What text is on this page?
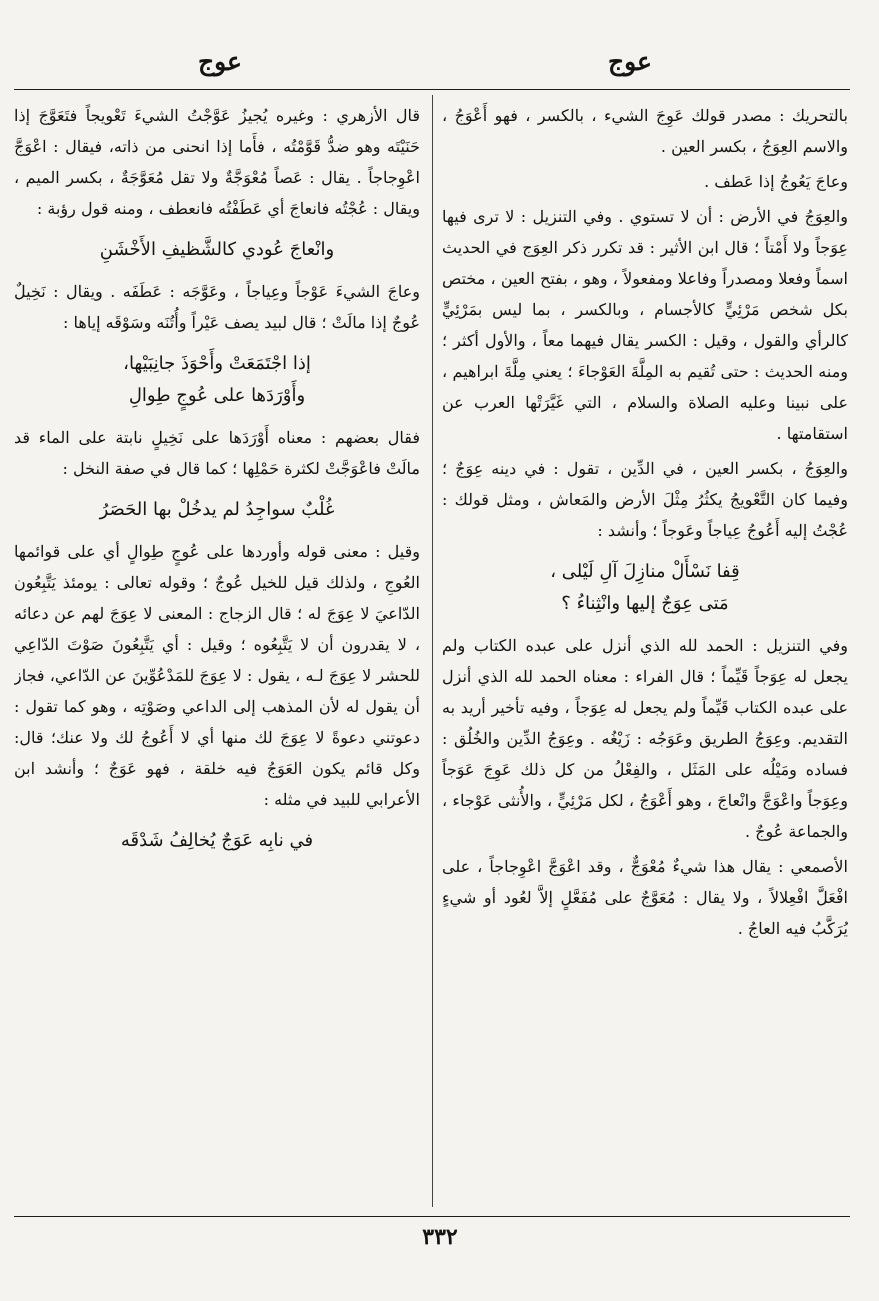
عوج
عوج

بالتحريك : مصدر قولك عَوِجَ الشيء ، بالكسر ، فهو أَعْوَجُ ، والاسم العِوَجُ ، بكسر العين .

وعاجَ يَعُوجُ إذا عَطف .

والعِوَجُ في الأرض : أن لا تستوي . وفي التنزيل : لا ترى فيها عِوَجاً ولا أَمْتاً ؛ قال ابن الأثير : قد تكرر ذكر العِوَج في الحديث اسماً وفعلا ومصدراً وفاعلا ومفعولاً ، وهو ، بفتح العين ، مختص بكل شخص مَرْئِيٍّ كالأجسام ، وبالكسر ، بما ليس بمَرْئِيٍّ كالرأي والقول ، وقيل : الكسر يقال فيهما معاً ، والأول أكثر ؛ ومنه الحديث : حتى تُقيم به المِلَّةَ العَوْجاءَ ؛ يعني مِلَّةَ ابراهيم ، على نبينا وعليه الصلاة والسلام ، التي غَيَّرَتْها العرب عن استقامتها .

والعِوَجُ ، بكسر العين ، في الدِّين ، تقول : في دينه عِوَجٌ ؛ وفيما كان التَّعْويجُ يكثُرُ مِثْلَ الأرض والمَعاش ، ومثل قولك : عُجْتُ إليه أَعُوجُ عِياجاً وعَوجاً ؛ وأنشد :

قِفا نَسْأَلْ منازِلَ آلِ لَيْلى ،
مَتى عِوَجٌ إليها وانْثِناءُ ؟

وفي التنزيل : الحمد لله الذي أنزل على عبده الكتاب ولم يجعل له عِوَجاً قَيِّماً ؛ قال الفراء : معناه الحمد لله الذي أنزل على عبده الكتاب قَيِّماً ولم يجعل له عِوَجاً ، وفيه تأخير أريد به التقديم. وعِوَجُ الطريق وعَوَجُه : زَيْغُه . وعِوَجُ الدِّين والخُلُق : فساده ومَيْلُه على المَثَل ، والفِعْلُ من كل ذلك عَوِجَ عَوَجاً وعِوَجاً واعْوَجَّ وانْعاجَ ، وهو أَعْوَجُ ، لكل مَرْئِيٍّ ، والأُنثى عَوْجاء ، والجماعة عُوجٌ .

الأصمعي : يقال هذا شيءٌ مُعْوَجٌّ ، وقد اعْوَجَّ اعْوِجاجاً ، على افْعَلَّ افْعِلالاً ، ولا يقال : مُعَوَّجٌ على مُفَعَّلٍ إلاَّ لعُود أو شيءٍ يُرَكَّبُ فيه العاجُ .

قال الأزهري : وغيره يُجيزُ عَوَّجْتُ الشيءَ تَعْويجاً فتَعَوَّجَ إذا حَنَيْتَه وهو ضدُّ قَوَّمْتُه ، فأَما إذا انحنى من ذاته، فيقال : اعْوَجَّ اعْوِجاجاً . يقال : عَصاً مُعْوَجَّةٌ ولا تقل مُعَوَّجَةٌ ، بكسر الميم ، ويقال : عُجْتُه فانعاجَ أي عَطَفْتُه فانعطف ، ومنه قول رؤبة :

وانْعاجَ عُودي كالشَّظيفِ الأَخْشَنِ

وعاجَ الشيءَ عَوْجاً وعِياجاً ، وعَوَّجَه : عَطَفَه . ويقال : نَخِيلٌ عُوجٌ إذا مالَتْ ؛ قال لبيد يصف عَيْراً وأُتُنَه وسَوْقَه إياها :

إذا اجْتَمَعَتْ وأَحْوَذَ جانِبَيْها،
وأَوْرَدَها على عُوجٍ طِوالِ

فقال بعضهم : معناه أَوْرَدَها على نَخِيلٍ نابتة على الماء قد مالَتْ فاعْوَجَّتْ لكثرة حَمْلِها ؛ كما قال في صفة النخل :

غُلْبٌ سواجِدُ لم يدخُلْ بها الحَصَرُ

وقيل : معنى قوله وأوردها على عُوجٍ طِوالٍ أي على قوائمها العُوجِ ، ولذلك قيل للخيل عُوجٌ ؛ وقوله تعالى : يومئذ يَتَّبِعُون الدّاعيَ لا عِوَجَ له ؛ قال الزجاج : المعنى لا عِوَجَ لهم عن دعائه ، لا يقدرون أن لا يَتَّبِعُوه ؛ وقيل : أي يَتَّبِعُونَ صَوْتَ الدّاعِي للحشر لا عِوَجَ لـه ، يقول : لا عِوَجَ للمَدْعُوِّينَ عن الدّاعي، فجاز أن يقول له لأن المذهب إلى الداعي وصَوْتِه ، وهو كما تقول : دعوتني دعوةً لا عِوَجَ لك منها أي لا أَعُوجُ لك ولا عنك؛ قال: وكل قائم يكون العَوَجُ فيه خلقة ، فهو عَوَجٌ ؛ وأنشد ابن الأعرابي للبيد في مثله :

في نابِه عَوَجٌ يُخالِفُ شَدْقَه
٣٣٢
